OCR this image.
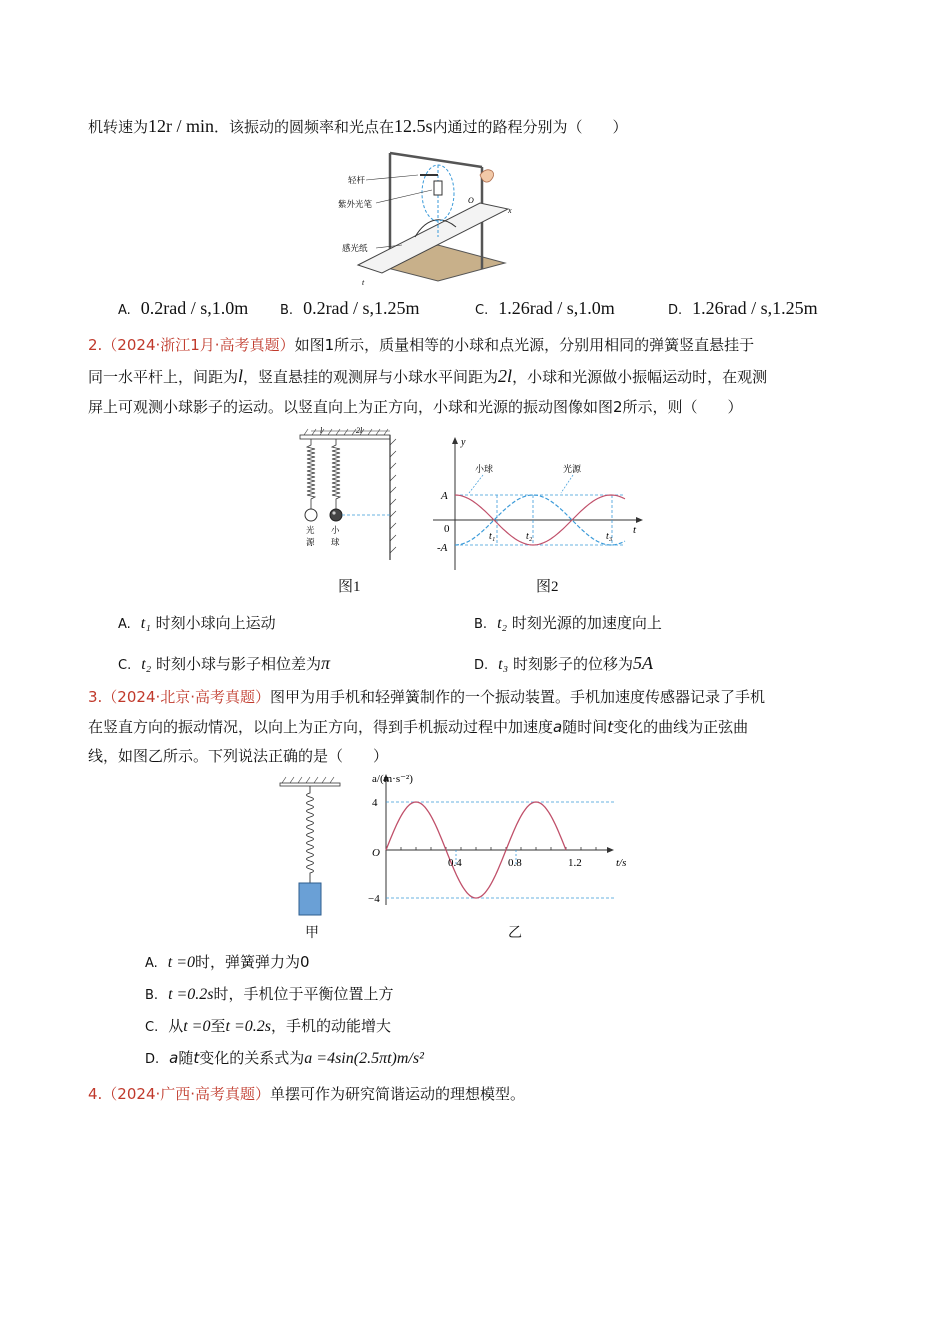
机转速为12r / min．该振动的圆频率和光点在12.5s内通过的路程分别为（　　）
轻杆
紫外光笔
感光纸
x
t
O
A. 0.2rad / s,1.0m B. 0.2rad / s,1.25m	C. 1.26rad / s,1.0m	D. 1.26rad / s,1.25m
2.（2024·浙江1月·高考真题）如图1所示，质量相等的小球和点光源，分别用相同的弹簧竖直悬挂于
同一水平杆上，间距为l，竖直悬挂的观测屏与小球水平间距为2l，小球和光源做小振幅运动时，在观测
屏上可观测小球影子的运动。以竖直向上为正方向，小球和光源的振动图像如图2所示，则（　　）
l	2l
光
源
小
球
图1
y
t
A
-A
0
t₁	t₂	t₃
小球	光源
图2
A. t₁ 时刻小球向上运动	B. t₂ 时刻光源的加速度向上
C. t₂ 时刻小球与影子相位差为π	D. t₃ 时刻影子的位移为5A
3.（2024·北京·高考真题）图甲为用手机和轻弹簧制作的一个振动装置。手机加速度传感器记录了手机
在竖直方向的振动情况，以向上为正方向，得到手机振动过程中加速度a随时间t变化的曲线为正弦曲
线，如图乙所示。下列说法正确的是（　　）
甲
a/(m·s⁻²)
4
−4
O
0.4	0.8	1.2	t/s
乙
A. t =0时，弹簧弹力为0
B. t =0.2s时，手机位于平衡位置上方
C. 从t =0至t =0.2s，手机的动能增大
D. a随t变化的关系式为a =4sin(2.5πt)m/s²
4.（2024·广西·高考真题）单摆可作为研究简谐运动的理想模型。
